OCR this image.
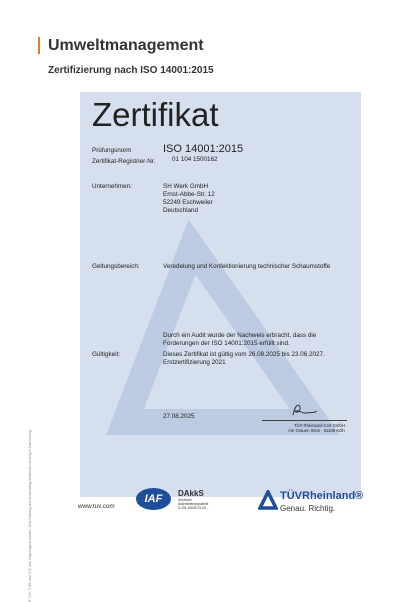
Umweltmanagement
Zertifizierung nach ISO 14001:2015
® TÜV, TUEV und TUV sind eingetragene Marken. Eine Nutzung und Verwendung bedarf der vorherigen Zustimmung.
Zertifikat
Prüfungsnorm	ISO 14001:2015
Zertifikat-Registrier-Nr.	01 104 1500162
Unternehmen:	SH Werk GmbH
Ernst-Abbe-Str. 12
52249 Eschweiler
Deutschland
Geltungsbereich:	Veredelung und Konfektionierung technischer Schaumstoffe
Durch ein Audit wurde der Nachweis erbracht, dass die
Forderungen der ISO 14001:2015 erfüllt sind.
Gültigkeit:	Dieses Zertifikat ist gültig vom 26.08.2025 bis 23.06.2027.
Erstzertifizierung 2021
27.08.2025
TÜV Rheinland Cert GmbH
Am Grauen Stein · 51105 Köln
www.tuv.com
IAF	DAkkS
Deutsche
Akkreditierungsstelle
D-ZM-16029-01-00
TÜVRheinland®
Genau. Richtig.
